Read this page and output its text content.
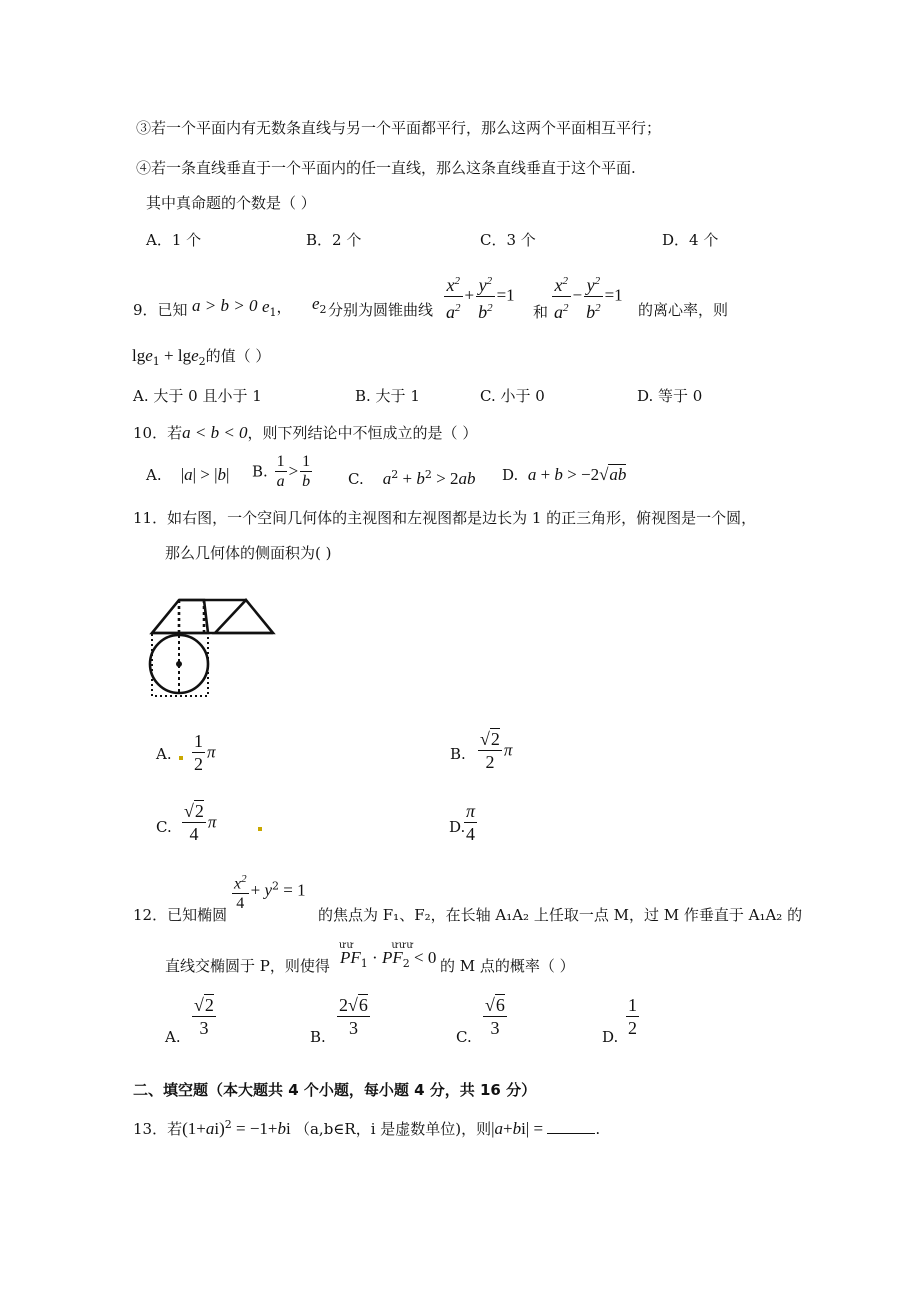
③若一个平面内有无数条直线与另一个平面都平行，那么这两个平面相互平行；
④若一条直线垂直于一个平面内的任一直线，那么这条直线垂直于这个平面.
其中真命题的个数是（ ）
A．1 个	B．2 个	C．3 个	D．4 个
9．已知 a > b > 0 $e_1$， $e_2$ 分别为圆锥曲线 $\frac{x^2}{a^2} + \frac{y^2}{b^2} =1$
和 $\frac{x^2}{a^2} - \frac{y^2}{b^2} =1$
的离心率，则
lge$_1$ + lge$_2$的值（ ）
A. 大于 0 且小于 1	B. 大于 1	C. 小于 0	D. 等于 0
10．若a < b < 0，则下列结论中不恒成立的是（ ）
A. |a| > |b| B. $\frac{1}{a} > \frac{1}{b} C$. $a^2 + b^2 > 2ab$ D. a + b > −2√ab
11．如右图，一个空间几何体的主视图和左视图都是边长为 1 的正三角形，俯视图是一个圆，
那么几何体的侧面积为( )
A. $\frac{1}{2}$ π	B. $\frac{√2}{2}$ π
C. $\frac{√2}{4}$ π	D.
$\frac{\pi}{4}$
12．已知椭圆
$\frac{x^2}{4} + y^2 = 1$
的焦点为 F₁、F₂，在长轴 A₁A₂ 上任取一点 M，过 M 作垂直于 A₁A₂ 的
直线交椭圆于 P，则使得
ưư         ưưư
$PF_1 \cdot PF_2 < 0$ 的 M 点的概率（ ）
A. $\frac{√2}{3}$	B. $\frac{2√6}{3}$	C. $\frac{√6}{3}$	D. $\frac{1}{2}$
二、填空题（本大题共 4 个小题，每小题 4 分，共 16 分）
13．若$(1+ai)^2 = -1+bi$ （a,b∈R，i 是虚数单位)，则|a+bi| =	.
